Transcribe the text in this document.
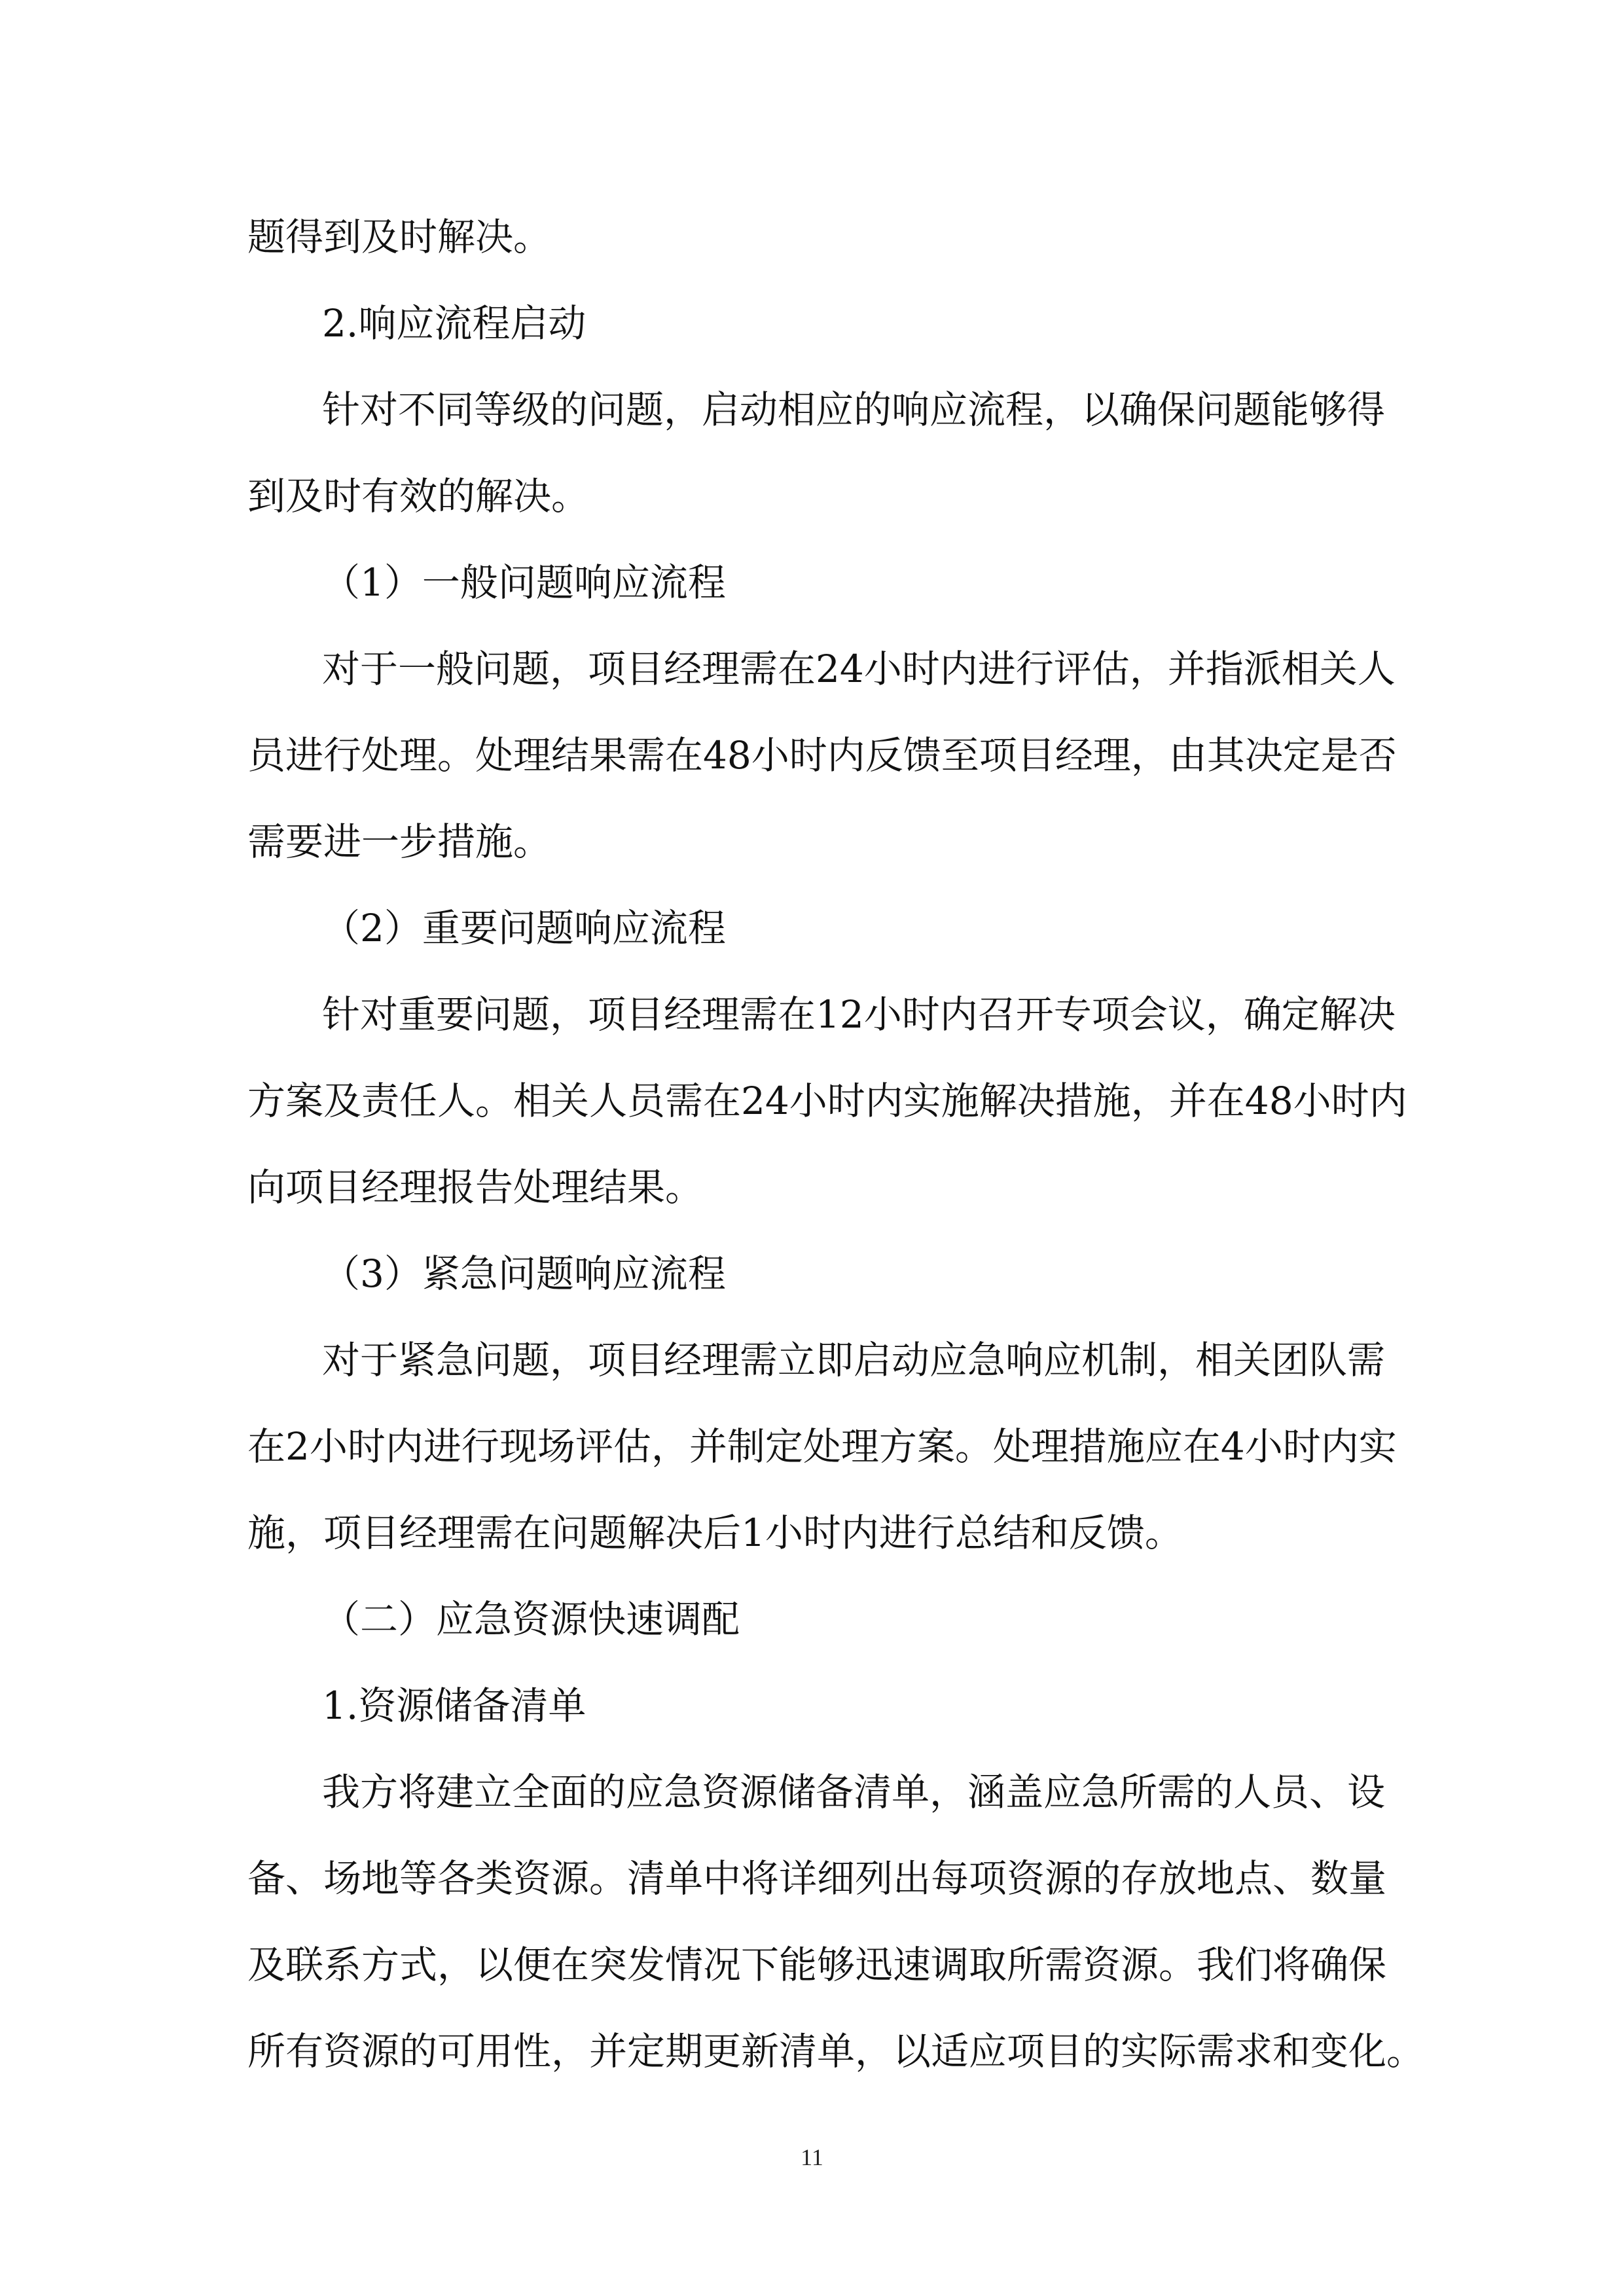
题得到及时解决。
2.响应流程启动
针对不同等级的问题，启动相应的响应流程，以确保问题能够得
到及时有效的解决。
（1）一般问题响应流程
对于一般问题，项目经理需在24小时内进行评估，并指派相关人
员进行处理。处理结果需在48小时内反馈至项目经理，由其决定是否
需要进一步措施。
（2）重要问题响应流程
针对重要问题，项目经理需在12小时内召开专项会议，确定解决
方案及责任人。相关人员需在24小时内实施解决措施，并在48小时内
向项目经理报告处理结果。
（3）紧急问题响应流程
对于紧急问题，项目经理需立即启动应急响应机制，相关团队需
在2小时内进行现场评估，并制定处理方案。处理措施应在4小时内实
施，项目经理需在问题解决后1小时内进行总结和反馈。
（二）应急资源快速调配
1.资源储备清单
我方将建立全面的应急资源储备清单，涵盖应急所需的人员、设
备、场地等各类资源。清单中将详细列出每项资源的存放地点、数量
及联系方式，以便在突发情况下能够迅速调取所需资源。我们将确保
所有资源的可用性，并定期更新清单，以适应项目的实际需求和变化。
11
